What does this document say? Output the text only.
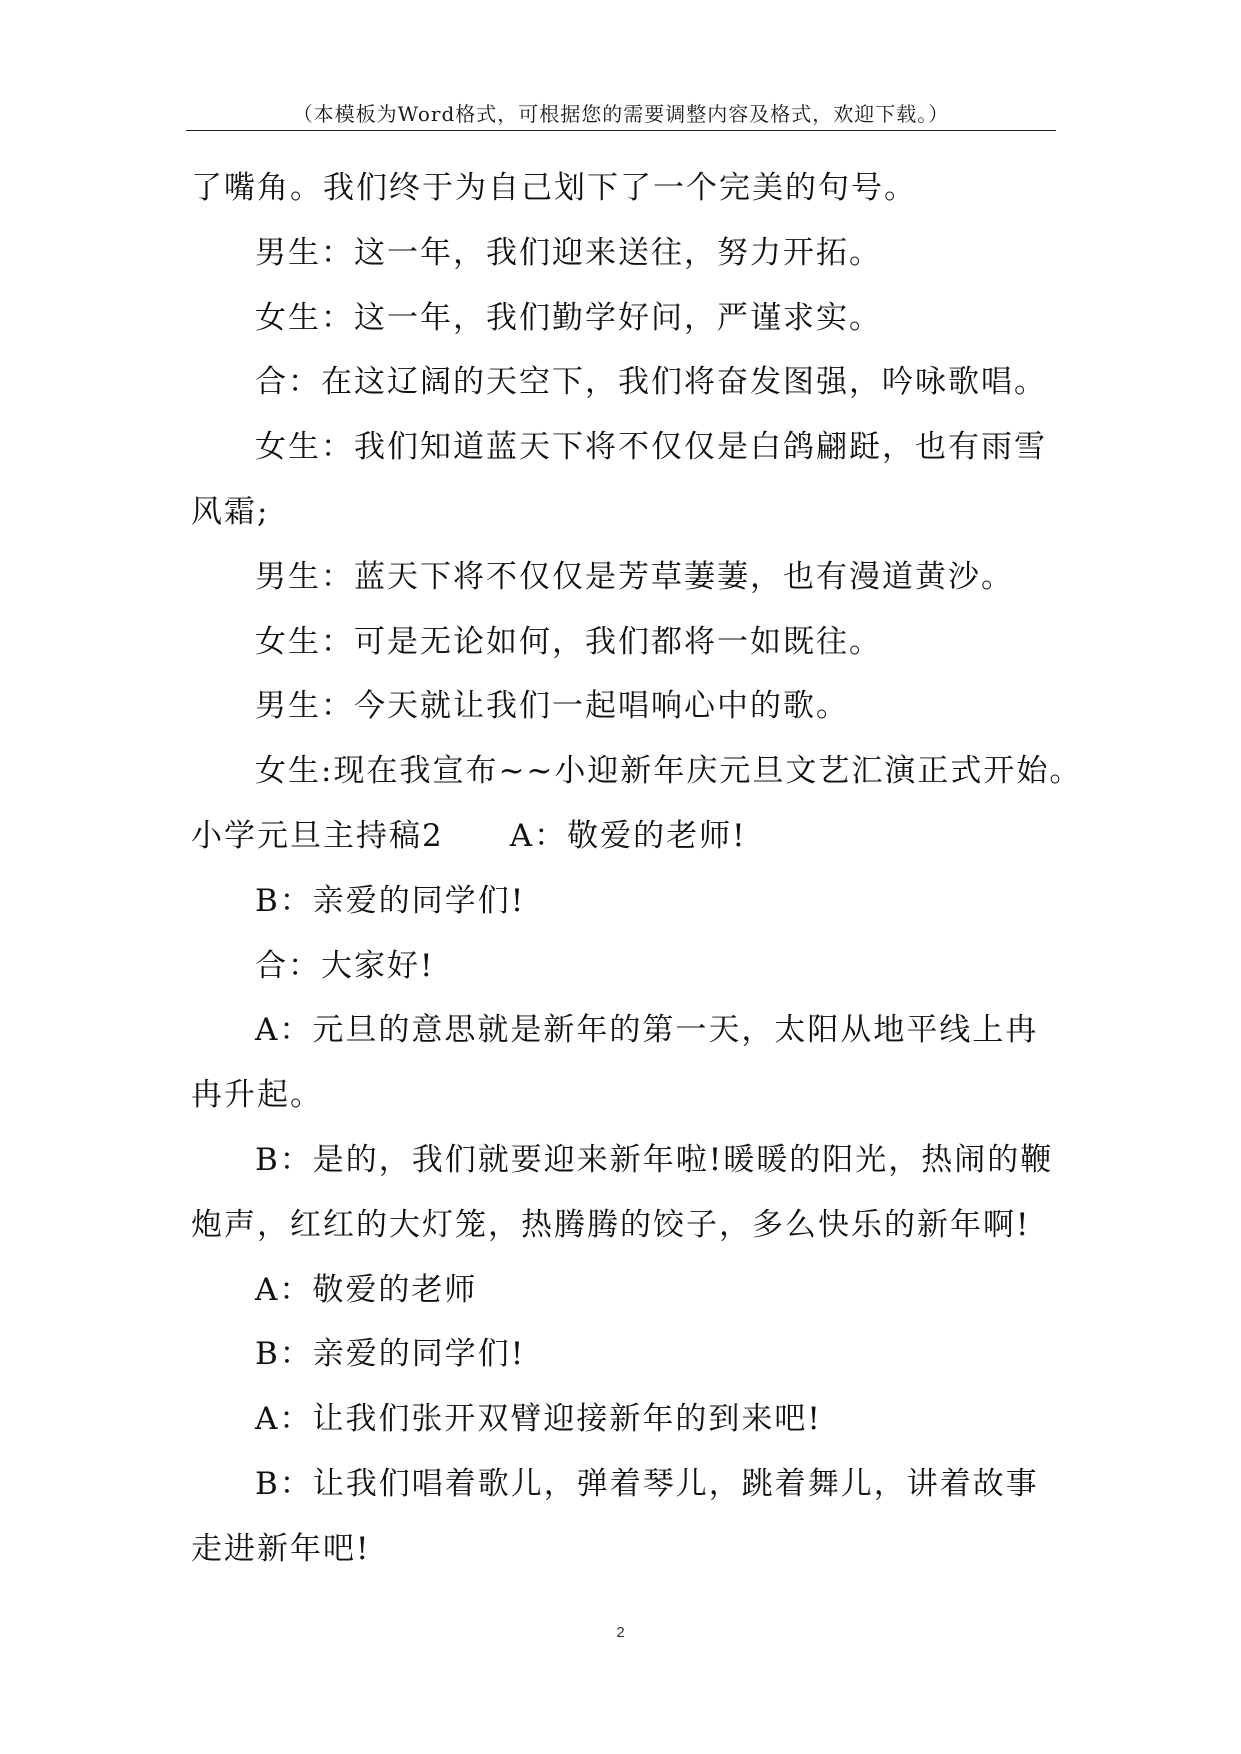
（本模板为Word格式，可根据您的需要调整内容及格式，欢迎下载。）
了嘴角。我们终于为自己划下了一个完美的句号。
男生：这一年，我们迎来送往，努力开拓。
女生：这一年，我们勤学好问，严谨求实。
合：在这辽阔的天空下，我们将奋发图强，吟咏歌唱。
女生：我们知道蓝天下将不仅仅是白鸽翩跹，也有雨雪
风霜;
男生：蓝天下将不仅仅是芳草萋萋，也有漫道黄沙。
女生：可是无论如何，我们都将一如既往。
男生：今天就让我们一起唱响心中的歌。
女生:现在我宣布~~小迎新年庆元旦文艺汇演正式开始。
小学元旦主持稿2　　A：敬爱的老师!
B：亲爱的同学们!
合：大家好!
A：元旦的意思就是新年的第一天，太阳从地平线上冉
冉升起。
B：是的，我们就要迎来新年啦!暖暖的阳光，热闹的鞭
炮声，红红的大灯笼，热腾腾的饺子，多么快乐的新年啊!
A：敬爱的老师
B：亲爱的同学们!
A：让我们张开双臂迎接新年的到来吧!
B：让我们唱着歌儿，弹着琴儿，跳着舞儿，讲着故事
走进新年吧!
2
